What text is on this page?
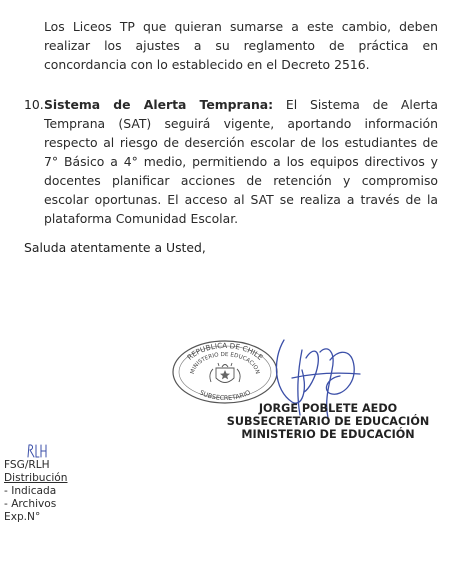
Los Liceos TP que quieran sumarse a este cambio, deben realizar los ajustes a su reglamento de práctica en concordancia con lo establecido en el Decreto 2516.
10. Sistema de Alerta Temprana: El Sistema de Alerta Temprana (SAT) seguirá vigente, aportando información respecto al riesgo de deserción escolar de los estudiantes de 7° Básico a 4° medio, permitiendo a los equipos directivos y docentes planificar acciones de retención y compromiso escolar oportunas. El acceso al SAT se realiza a través de la plataforma Comunidad Escolar.
Saluda atentamente a Usted,
REPUBLICA DE CHILE
MINISTERIO DE EDUCACION
SUBSECRETARIO
JORGE POBLETE AEDO
SUBSECRETARIO DE EDUCACIÓN
MINISTERIO DE EDUCACIÓN
FSG/RLH
Distribución
- Indicada
- Archivos
Exp.N°
